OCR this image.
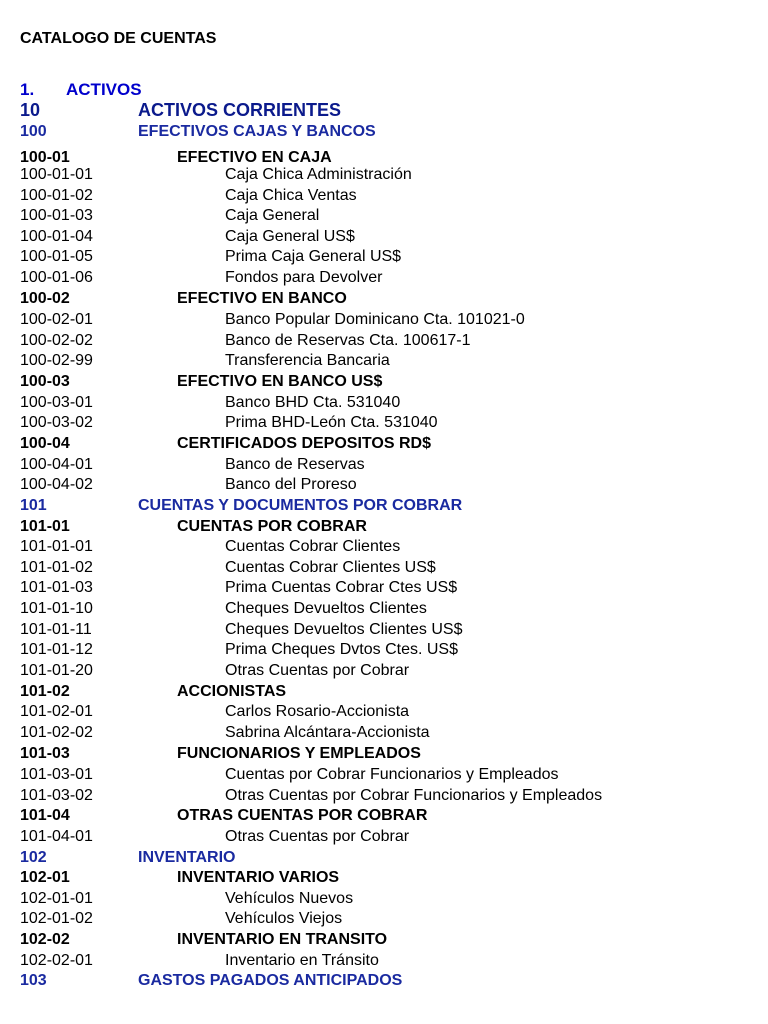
CATALOGO DE CUENTAS
1. ACTIVOS
10	ACTIVOS CORRIENTES
100	EFECTIVOS CAJAS Y BANCOS
100-01	EFECTIVO EN CAJA
100-01-01	Caja Chica Administración
100-01-02	Caja Chica Ventas
100-01-03	Caja General
100-01-04	Caja General US$
100-01-05	Prima Caja General US$
100-01-06	Fondos para Devolver
100-02	EFECTIVO EN BANCO
100-02-01	Banco Popular Dominicano Cta. 101021-0
100-02-02	Banco de Reservas Cta. 100617-1
100-02-99	Transferencia Bancaria
100-03	EFECTIVO EN BANCO US$
100-03-01	Banco BHD Cta. 531040
100-03-02	Prima BHD-León Cta. 531040
100-04	CERTIFICADOS DEPOSITOS RD$
100-04-01	Banco de Reservas
100-04-02	Banco del Proreso
101	CUENTAS Y DOCUMENTOS POR COBRAR
101-01	CUENTAS POR COBRAR
101-01-01	Cuentas Cobrar Clientes
101-01-02	Cuentas Cobrar Clientes US$
101-01-03	Prima Cuentas Cobrar Ctes US$
101-01-10	Cheques Devueltos Clientes
101-01-11	Cheques Devueltos Clientes US$
101-01-12	Prima Cheques Dvtos Ctes. US$
101-01-20	Otras Cuentas por Cobrar
101-02	ACCIONISTAS
101-02-01	Carlos Rosario-Accionista
101-02-02	Sabrina Alcántara-Accionista
101-03	FUNCIONARIOS Y EMPLEADOS
101-03-01	Cuentas por Cobrar Funcionarios y Empleados
101-03-02	Otras Cuentas por Cobrar Funcionarios y Empleados
101-04	OTRAS CUENTAS POR COBRAR
101-04-01	Otras Cuentas por Cobrar
102	INVENTARIO
102-01	INVENTARIO VARIOS
102-01-01	Vehículos Nuevos
102-01-02	Vehículos Viejos
102-02	INVENTARIO EN TRANSITO
102-02-01	Inventario en Tránsito
103	GASTOS PAGADOS ANTICIPADOS
